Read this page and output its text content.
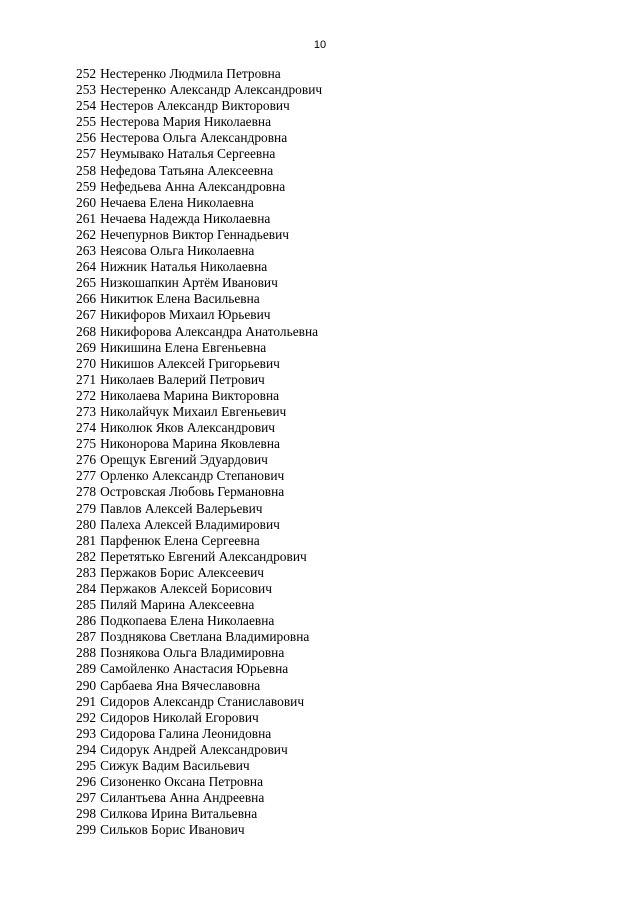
10
252 Нестеренко Людмила Петровна
253 Нестеренко Александр Александрович
254 Нестеров Александр Викторович
255 Нестерова Мария Николаевна
256 Нестерова Ольга Александровна
257 Неумывако Наталья Сергеевна
258 Нефедова Татьяна Алексеевна
259 Нефедьева Анна Александровна
260 Нечаева Елена Николаевна
261 Нечаева Надежда Николаевна
262 Нечепурнов Виктор Геннадьевич
263 Неясова Ольга Николаевна
264 Нижник Наталья Николаевна
265 Низкошапкин Артём Иванович
266 Никитюк Елена Васильевна
267 Никифоров Михаил Юрьевич
268 Никифорова Александра Анатольевна
269 Никишина Елена Евгеньевна
270 Никишов Алексей Григорьевич
271 Николаев Валерий Петрович
272 Николаева Марина Викторовна
273 Николайчук Михаил Евгеньевич
274 Николюк Яков Александрович
275 Никонорова Марина Яковлевна
276 Орещук Евгений Эдуардович
277 Орленко Александр Степанович
278 Островская Любовь Германовна
279 Павлов Алексей Валерьевич
280 Палеха Алексей Владимирович
281 Парфенюк Елена Сергеевна
282 Перетятько Евгений Александрович
283 Пержаков Борис Алексеевич
284 Пержаков Алексей Борисович
285 Пиляй Марина Алексеевна
286 Подкопаева Елена Николаевна
287 Позднякова Светлана Владимировна
288 Познякова Ольга Владимировна
289 Самойленко Анастасия Юрьевна
290 Сарбаева Яна Вячеславовна
291 Сидоров Александр Станиславович
292 Сидоров Николай Егорович
293 Сидорова Галина Леонидовна
294 Сидорук Андрей Александрович
295 Сижук Вадим Васильевич
296 Сизоненко Оксана Петровна
297 Силантьева Анна Андреевна
298 Силкова Ирина Витальевна
299 Сильков Борис Иванович
